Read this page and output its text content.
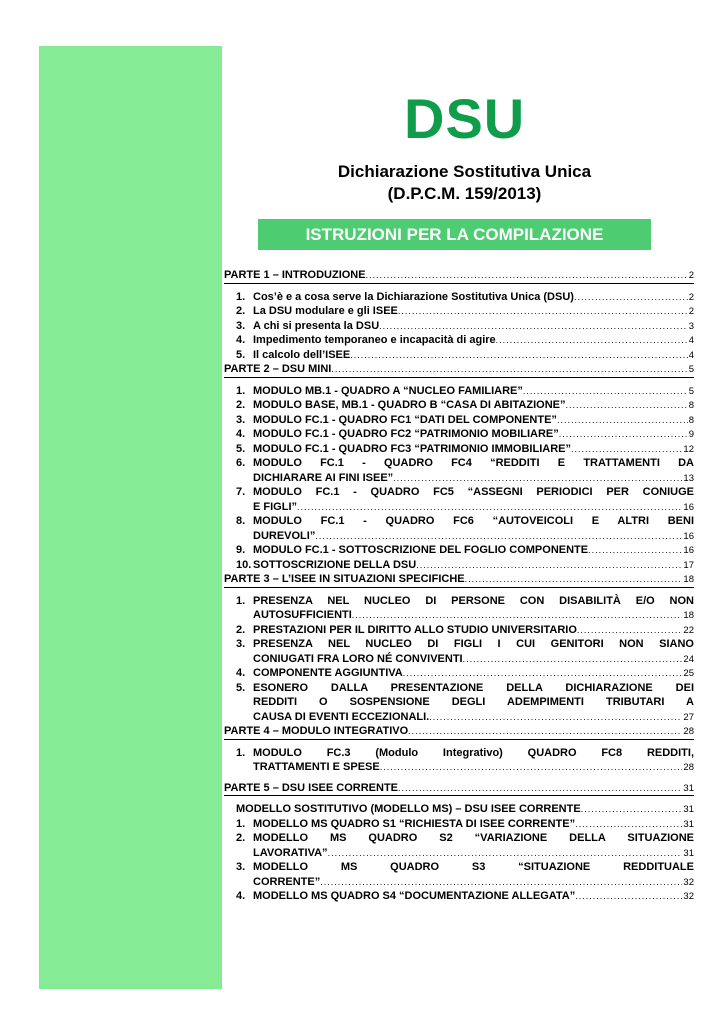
DSU

Dichiarazione Sostitutiva Unica

(D.P.C.M. 159/2013)

ISTRUZIONI PER LA COMPILAZIONE
PARTE 1 – INTRODUZIONE .....	2
1. Cos’è e a cosa serve la Dichiarazione Sostitutiva Unica (DSU) .....	2
2. La DSU modulare e gli ISEE .....	2
3. A chi si presenta la DSU .....	3
4. Impedimento temporaneo e incapacità di agire .....	4
5. Il calcolo dell’ISEE .....	4
PARTE 2 – DSU MINI .....	5
1. MODULO MB.1 - QUADRO A “NUCLEO FAMILIARE” .....	5
2. MODULO BASE, MB.1 - QUADRO B “CASA DI ABITAZIONE” .....	8
3. MODULO FC.1 - QUADRO FC1 “DATI DEL COMPONENTE” .....	8
4. MODULO FC.1 - QUADRO FC2 “PATRIMONIO MOBILIARE” .....	9
5. MODULO FC.1 - QUADRO FC3 “PATRIMONIO IMMOBILIARE” .....	12
6. MODULO FC.1 - QUADRO FC4 “REDDITI E TRATTAMENTI DA
DICHIARARE AI FINI ISEE” .....	13
7. MODULO FC.1 - QUADRO FC5 “ASSEGNI PERIODICI PER CONIUGE
E FIGLI” .....	16
8. MODULO FC.1 - QUADRO FC6 “AUTOVEICOLI E ALTRI BENI
DUREVOLI” .....	16
9. MODULO FC.1 - SOTTOSCRIZIONE DEL FOGLIO COMPONENTE .....	16
10. SOTTOSCRIZIONE DELLA DSU .....	17
PARTE 3 – L’ISEE IN SITUAZIONI SPECIFICHE .....	18
1. PRESENZA NEL NUCLEO DI PERSONE CON DISABILITÀ E/O NON
AUTOSUFFICIENTI .....	18
2. PRESTAZIONI PER IL DIRITTO ALLO STUDIO UNIVERSITARIO .....	22
3. PRESENZA NEL NUCLEO DI FIGLI I CUI GENITORI NON SIANO
CONIUGATI FRA LORO NÉ CONVIVENTI .....	24
4. COMPONENTE AGGIUNTIVA .....	25
5. ESONERO DALLA PRESENTAZIONE DELLA DICHIARAZIONE DEI
REDDITI O SOSPENSIONE DEGLI ADEMPIMENTI TRIBUTARI A
CAUSA DI EVENTI ECCEZIONALI. .....	27
PARTE 4 – MODULO INTEGRATIVO .....	28
1. MODULO FC.3 (Modulo Integrativo) QUADRO FC8 REDDITI,
TRATTAMENTI E SPESE .....	28
PARTE 5 – DSU ISEE CORRENTE .....	31
MODELLO SOSTITUTIVO (MODELLO MS) – DSU ISEE CORRENTE .....	31
1. MODELLO MS QUADRO S1 “RICHIESTA DI ISEE CORRENTE” .....	31
2. MODELLO MS QUADRO S2 “VARIAZIONE DELLA SITUAZIONE
LAVORATIVA” .....	31
3. MODELLO MS QUADRO S3 “SITUAZIONE REDDITUALE
CORRENTE” .....	32
4. MODELLO MS QUADRO S4 “DOCUMENTAZIONE ALLEGATA” .....	32
